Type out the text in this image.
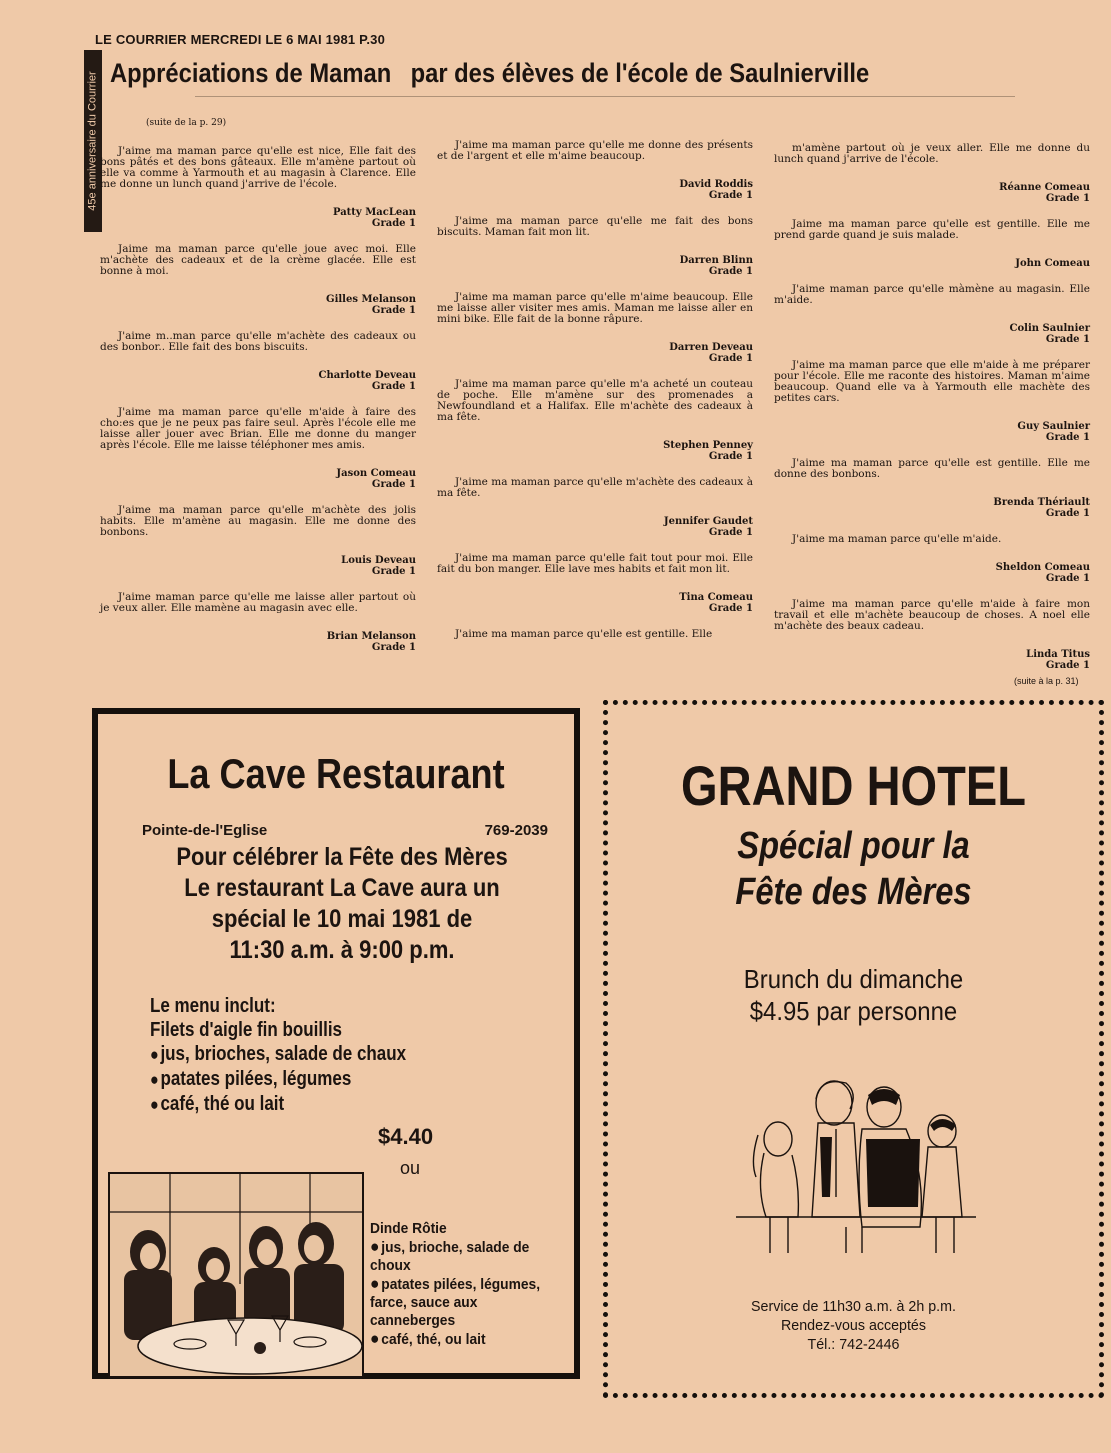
LE COURRIER MERCREDI LE 6 MAI 1981 P.30
45e anniversaire du Courrier Appréciations de Maman par des élèves de l'école de Saulnierville
(suite de la p. 29)
(suite à la p. 31)

J'aime ma maman parce qu'elle est nice, Elle fait des bons pâtés et des bons gâteaux. Elle m'amène partout où elle va comme à Yarmouth et au magasin à Clarence. Elle me donne un lunch quand j'arrive de l'école.

Patty MacLean
Grade 1

Jaime ma maman parce qu'elle joue avec moi. Elle m'achète des cadeaux et de la crème glacée. Elle est bonne à moi.

Gilles Melanson
Grade 1

J'aime m..man parce qu'elle m'achète des cadeaux ou des bonbor.. Elle fait des bons biscuits.

Charlotte Deveau
Grade 1

J'aime ma maman parce qu'elle m'aide à faire des cho:es que je ne peux pas faire seul. Après l'école elle me laisse aller jouer avec Brian. Elle me donne du manger après l'école. Elle me laisse téléphoner mes amis.

Jason Comeau
Grade 1

J'aime ma maman parce qu'elle m'achète des jolis habits. Elle m'amène au magasin. Elle me donne des bonbons.

Louis Deveau
Grade 1

J'aime maman parce qu'elle me laisse aller partout où je veux aller. Elle mamène au magasin avec elle.

Brian Melanson
Grade 1

J'aime ma maman parce qu'elle me donne des présents et de l'argent et elle m'aime beaucoup.

David Roddis
Grade 1

J'aime ma maman parce qu'elle me fait des bons biscuits. Maman fait mon lit.

Darren Blinn
Grade 1

J'aime ma maman parce qu'elle m'aime beaucoup. Elle me laisse aller visiter mes amis. Maman me laisse aller en mini bike. Elle fait de la bonne râpure.

Darren Deveau
Grade 1

J'aime ma maman parce qu'elle m'a acheté un couteau de poche. Elle m'amène sur des promenades a Newfoundland et a Halifax. Elle m'achète des cadeaux à ma fête.

Stephen Penney
Grade 1

J'aime ma maman parce qu'elle m'achète des cadeaux à ma fête.

Jennifer Gaudet
Grade 1

J'aime ma maman parce qu'elle fait tout pour moi. Elle fait du bon manger. Elle lave mes habits et fait mon lit.

Tina Comeau
Grade 1

J'aime ma maman parce qu'elle est gentille. Elle

m'amène partout où je veux aller. Elle me donne du lunch quand j'arrive de l'école.

Réanne Comeau
Grade 1

Jaime ma maman parce qu'elle est gentille. Elle me prend garde quand je suis malade.

John Comeau

J'aime maman parce qu'elle màmène au magasin. Elle m'aide.

Colin Saulnier
Grade 1

J'aime ma maman parce que elle m'aide à me préparer pour l'école. Elle me raconte des histoires. Maman m'aime beaucoup. Quand elle va à Yarmouth elle machète des petites cars.

Guy Saulnier
Grade 1

J'aime ma maman parce qu'elle est gentille. Elle me donne des bonbons.

Brenda Thériault
Grade 1

J'aime ma maman parce qu'elle m'aide.

Sheldon Comeau
Grade 1

J'aime ma maman parce qu'elle m'aide à faire mon travail et elle m'achète beaucoup de choses. A noel elle m'achète des beaux cadeau.

Linda Titus
Grade 1
La Cave Restaurant
Pointe-de-l'Eglise	769-2039
Pour célébrer la Fête des Mères
Le restaurant La Cave aura un
spécial le 10 mai 1981 de
11:30 a.m. à 9:00 p.m.
Le menu inclut:
Filets d'aigle fin bouillis
● jus, brioches, salade de chaux
● patates pilées, légumes
● café, thé ou lait
$4.40
ou
Dinde Rôtie
● jus, brioche, salade de choux
● patates pilées, légumes, farce, sauce aux canneberges
● café, thé, ou lait
GRAND HOTEL
Spécial pour la
Fête des Mères
Brunch du dimanche
$4.95 par personne
Service de 11h30 a.m. à 2h p.m.
Rendez-vous acceptés
Tél.: 742-2446
